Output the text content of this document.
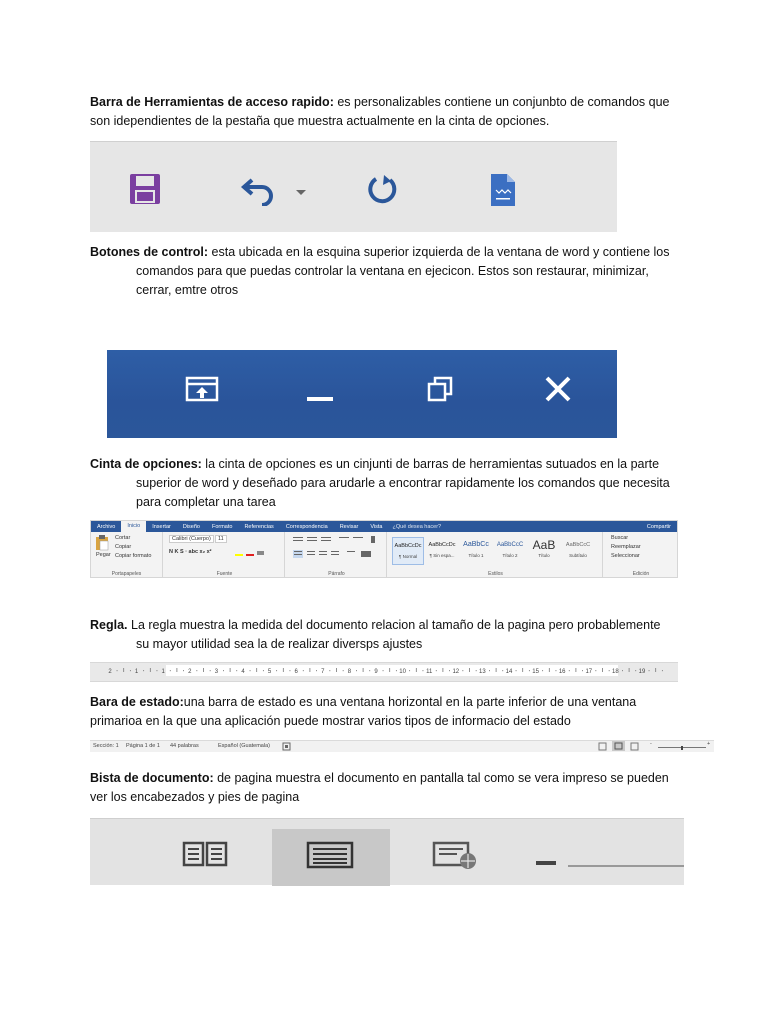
Barra de Herramientas de acceso rapido: es personalizables contiene un conjunbto de comandos que
son idependientes de la pestaña que muestra actualmente en la cinta de opciones.
Botones de control: esta ubicada en la esquina superior izquierda de la ventana de word y contiene los

comandos para que puedas controlar la ventana en ejecicon. Estos son restaurar, minimizar,
cerrar, emtre otros
Cinta de opciones: la cinta de opciones es un cinjunti de barras de herramientas sutuados en la parte

superior de word y deseñado para arudarle a encontrar rapidamente los comandos que necesita
para completar una tarea
Archivo	Inicio	Insertar	Diseño	Formato	Referencias	Correspondencia	Revisar	Vista	¿Qué desea hacer?	Compartir
Pegar
Cortar
Copiar
Copiar formato
Portapapeles
Calibri (Cuerpo)	11
N K S · abc x₂ x²
Fuente	Párrafo
AaBbCcDc
¶ Normal
AaBbCcDc
¶ Sin espa...
AaBbCc
Título 1
AaBbCcC
Título 2
AaB
Título
AaBbCcC
Subtítulo
Estilos
Buscar
Reemplazar
Seleccionar
Edición
Regla. La regla muestra la medida del documento relacion al tamaño de la pagina pero probablemente

su mayor utilidad sea la de realizar diversps ajustes
2	1	1	2	3	4	5	6	7	8	9	10	11	12	13	14	15	16	17	18	19
Bara de estado:una barra de estado es una ventana horizontal en la parte inferior de una ventana
primarioa en la que una aplicación puede mostrar varios tipos de informacio del estado
Sección: 1 Página 1 de 1 44 palabras	Español (Guatemala)	-	+
Bista de documento: de pagina muestra el documento en pantalla tal como se vera impreso se pueden
ver los encabezados y pies de pagina
